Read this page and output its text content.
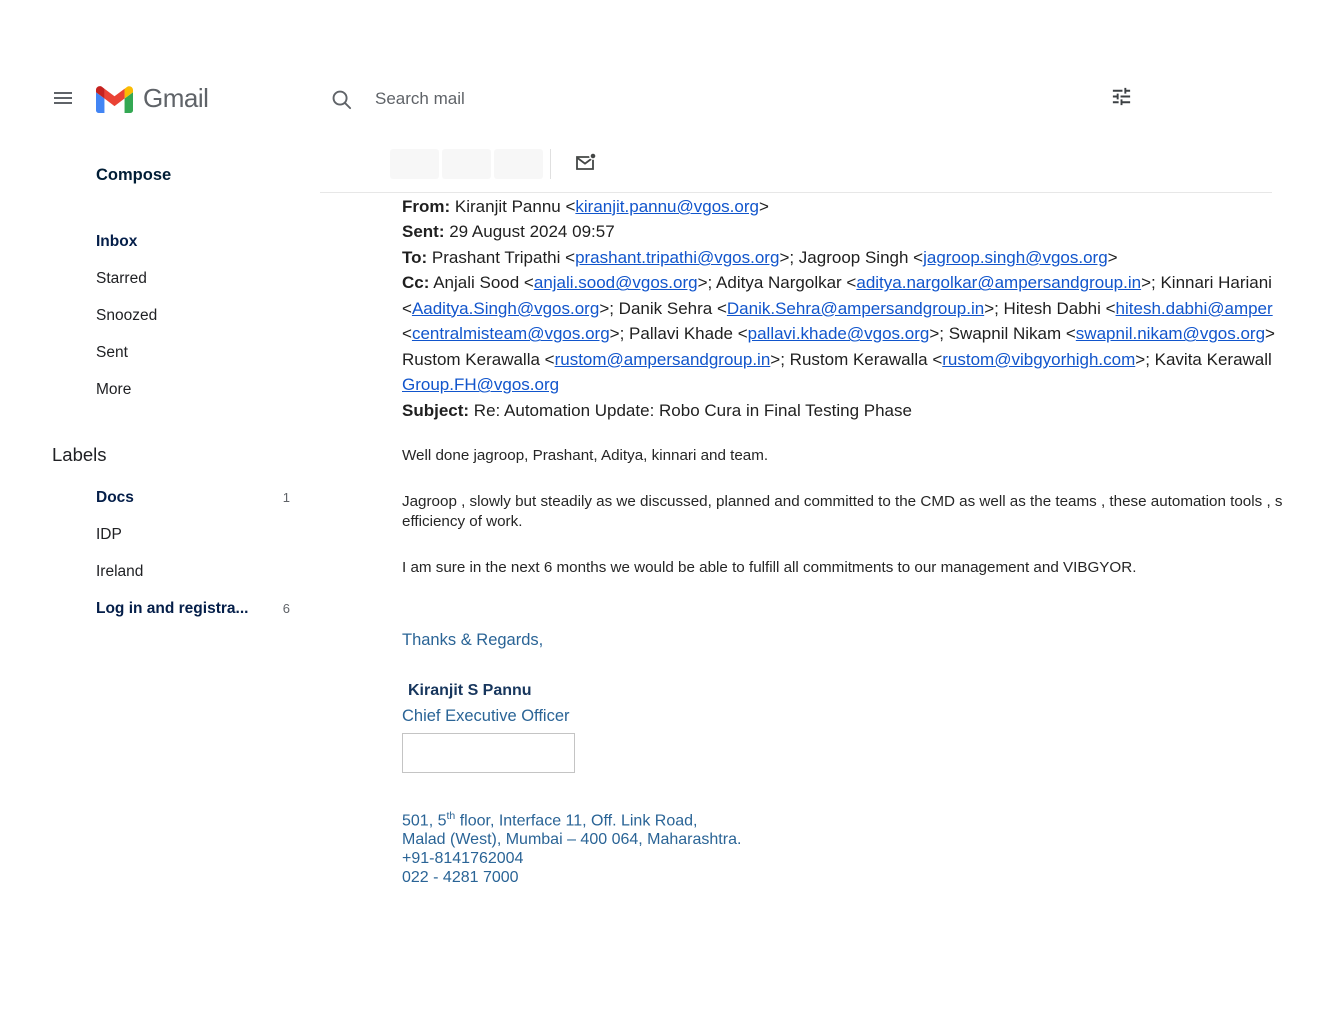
Gmail	Search mail
Compose
Inbox
Starred
Snoozed
Sent
More
Labels
Docs	1
IDP
Ireland
Log in and registra...	6
From: Kiranjit Pannu <kiranjit.pannu@vgos.org>
Sent: 29 August 2024 09:57
To: Prashant Tripathi <prashant.tripathi@vgos.org>; Jagroop Singh <jagroop.singh@vgos.org>
Cc: Anjali Sood <anjali.sood@vgos.org>; Aditya Nargolkar <aditya.nargolkar@ampersandgroup.in>; Kinnari Hariani
<Aaditya.Singh@vgos.org>; Danik Sehra <Danik.Sehra@ampersandgroup.in>; Hitesh Dabhi <hitesh.dabhi@amper
<centralmisteam@vgos.org>; Pallavi Khade <pallavi.khade@vgos.org>; Swapnil Nikam <swapnil.nikam@vgos.org>
Rustom Kerawalla <rustom@ampersandgroup.in>; Rustom Kerawalla <rustom@vibgyorhigh.com>; Kavita Kerawall
Group.FH@vgos.org
Subject: Re: Automation Update: Robo Cura in Final Testing Phase
Well done jagroop, Prashant, Aditya, kinnari and team.
Jagroop , slowly but steadily as we discussed, planned and committed to the CMD as well as the teams , these automation tools , s
efficiency of work.
I am sure in the next 6 months we would be able to fulfill all commitments to our management and VIBGYOR.
Thanks & Regards,
Kiranjit S Pannu
Chief Executive Officer
501, 5th floor, Interface 11, Off. Link Road,
Malad (West), Mumbai – 400 064, Maharashtra.
+91-8141762004
022 - 4281 7000
